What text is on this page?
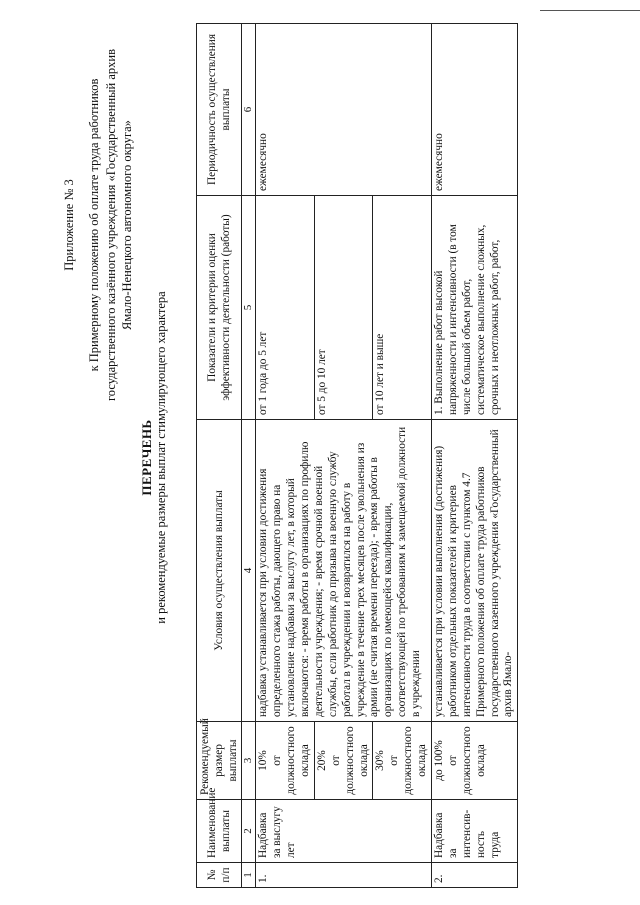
Приложение № 3 к Примерному положению об оплате труда работников государственного казённого учреждения «Государственный архив Ямало-Ненецкого автономного округа»
ПЕРЕЧЕНЬ и рекомендуемые размеры выплат стимулирующего характера
№ п/п	Наименование выплаты	Рекомендуемый размер выплаты	Условия осуществления выплаты	Показатели и критерии оценки эффективности деятельности (работы)	Периодичность осуществления выплаты
1	2	3	4	5	6
1.	Надбавка за выслугу лет	10% от должностного оклада	надбавка устанавливается при условии достижения определенного стажа работы, дающего право на установление надбавки за выслугу лет, в который включаются: - время работы в организациях по профилю деятельности учреждения; - время срочной военной службы, если работник до призыва на военную службу работал в учреждении и возвратился на работу в учреждение в течение трех месяцев после увольнения из армии (не считая времени переезда); - время работы в организациях по имеющейся квалификации, соответствующей по требованиям к замещаемой должности в учреждении	от 1 года до 5 лет	ежемесячно

		20% от должностного оклада		от 5 до 10 лет	

		30% от должностного оклада		от 10 лет и выше	
2.	Надбавка за интенсив-ность труда	до 100% от должностного оклада	устанавливается при условии выполнения (достижения) работником отдельных показателей и критериев интенсивности труда в соответствии с пунктом 4.7 Примерного положения об оплате труда работников государственного казенного учреждения «Государственный архив Ямало-	1. Выполнение работ высокой напряженности и интенсивности (в том числе большой объем работ, систематическое выполнение сложных, срочных и неотложных работ, работ,	ежемесячно
